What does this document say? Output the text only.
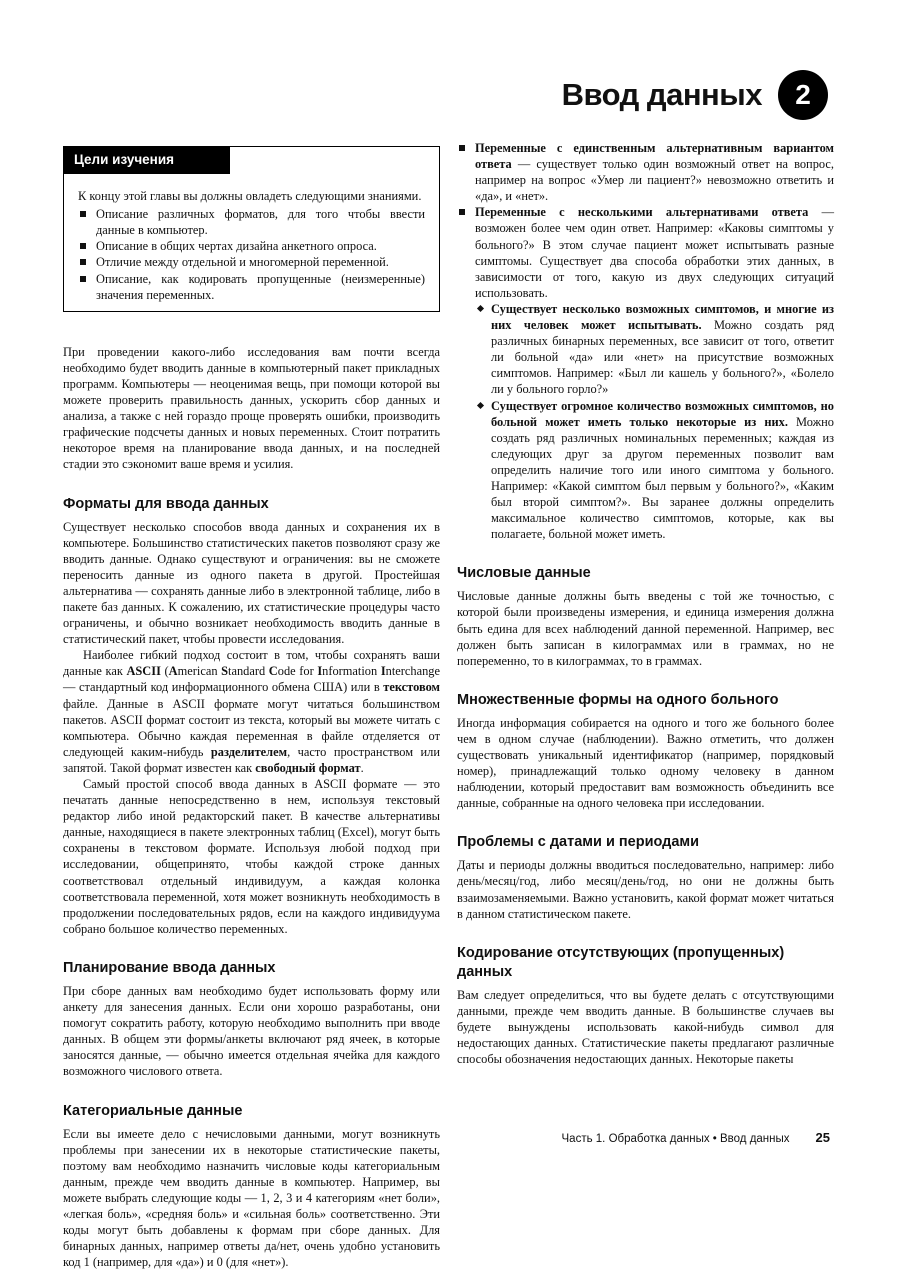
Ввод данных	2
Цели изучения

К концу этой главы вы должны овладеть следующими знаниями.

Описание различных форматов, для того чтобы ввести данные в компьютер.
Описание в общих чертах дизайна анкетного опроса.
Отличие между отдельной и многомерной переменной.
Описание, как кодировать пропущенные (неизмеренные) значения переменных.

При проведении какого-либо исследования вам почти всегда необходимо будет вводить данные в компьютерный пакет прикладных программ. Компьютеры — неоценимая вещь, при помощи которой вы можете проверить правильность данных, ускорить сбор данных и анализа, а также с ней гораздо проще проверять ошибки, производить графические подсчеты данных и новых переменных. Стоит потратить некоторое время на планирование ввода данных, и на последней стадии это сэкономит ваше время и усилия.

Форматы для ввода данных

Существует несколько способов ввода данных и сохранения их в компьютере. Большинство статистических пакетов позволяют сразу же вводить данные. Однако существуют и ограничения: вы не сможете переносить данные из одного пакета в другой. Простейшая альтернатива — сохранять данные либо в электронной таблице, либо в пакете баз данных. К сожалению, их статистические процедуры часто ограничены, и обычно возникает необходимость вводить данные в статистический пакет, чтобы провести исследования.

Наиболее гибкий подход состоит в том, чтобы сохранять ваши данные как ASCII (American Standard Code for Information Interchange — стандартный код информационного обмена США) или в текстовом файле. Данные в ASCII формате могут читаться большинством пакетов. ASCII формат состоит из текста, который вы можете читать с компьютера. Обычно каждая переменная в файле отделяется от следующей каким-нибудь разделителем, часто пространством или запятой. Такой формат известен как свободный формат.

Самый простой способ ввода данных в ASCII формате — это печатать данные непосредственно в нем, используя текстовый редактор либо иной редакторский пакет. В качестве альтернативы данные, находящиеся в пакете электронных таблиц (Excel), могут быть сохранены в текстовом формате. Используя любой подход при исследовании, общепринято, чтобы каждой строке данных соответствовал отдельный индивидуум, а каждая колонка соответствовала переменной, хотя может возникнуть необходимость в продолжении последовательных рядов, если на каждого индивидуума собрано большое количество переменных.

Планирование ввода данных

При сборе данных вам необходимо будет использовать форму или анкету для занесения данных. Если они хорошо разработаны, они помогут сократить работу, которую необходимо выполнить при вводе данных. В общем эти формы/анкеты включают ряд ячеек, в которые заносятся данные, — обычно имеется отдельная ячейка для каждого возможного числового ответа.

Категориальные данные

Если вы имеете дело с нечисловыми данными, могут возникнуть проблемы при занесении их в некоторые статистические пакеты, поэтому вам необходимо назначить числовые коды категориальным данным, прежде чем вводить данные в компьютер. Например, вы можете выбрать следующие коды — 1, 2, 3 и 4 категориям «нет боли», «легкая боль», «средняя боль» и «сильная боль» соответственно. Эти коды могут быть добавлены к формам при сборе данных. Для бинарных данных, например ответы да/нет, очень удобно установить код 1 (например, для «да») и 0 (для «нет»).

Переменные с единственным альтернативным вариантом ответа — существует только один возможный ответ на вопрос, например на вопрос «Умер ли пациент?» невозможно ответить и «да», и «нет».
Переменные с несколькими альтернативами ответа — возможен более чем один ответ. Например: «Каковы симптомы у больного?» В этом случае пациент может испытывать разные симптомы. Существует два способа обработки этих данных, в зависимости от того, какую из двух следующих ситуаций использовать.
Существует несколько возможных симптомов, и многие из них человек может испытывать. Можно создать ряд различных бинарных переменных, все зависит от того, ответит ли больной «да» или «нет» на присутствие возможных симптомов. Например: «Был ли кашель у больного?», «Болело ли у больного горло?»
Существует огромное количество возможных симптомов, но больной может иметь только некоторые из них. Можно создать ряд различных номинальных переменных; каждая из следующих друг за другом переменных позволит вам определить наличие того или иного симптома у больного. Например: «Какой симптом был первым у больного?», «Каким был второй симптом?». Вы заранее должны определить максимальное количество симптомов, которые, как вы полагаете, больной может иметь.
Числовые данные

Числовые данные должны быть введены с той же точностью, с которой были произведены измерения, и единица измерения должна быть едина для всех наблюдений данной переменной. Например, вес должен быть записан в килограммах или в граммах, но не попеременно, то в килограммах, то в граммах.

Множественные формы на одного больного

Иногда информация собирается на одного и того же больного более чем в одном случае (наблюдении). Важно отметить, что должен существовать уникальный идентификатор (например, порядковый номер), принадлежащий только одному человеку в данном наблюдении, который предоставит вам возможность объединить все данные, собранные на одного человека при исследовании.

Проблемы с датами и периодами

Даты и периоды должны вводиться последовательно, например: либо день/месяц/год, либо месяц/день/год, но они не должны быть взаимозаменяемыми. Важно установить, какой формат может читаться в данном статистическом пакете.

Кодирование отсутствующих (пропущенных) данных

Вам следует определиться, что вы будете делать с отсутствующими данными, прежде чем вводить данные. В большинстве случаев вы будете вынуждены использовать какой-нибудь символ для недостающих данных. Статистические пакеты предлагают различные способы обозначения недостающих данных. Некоторые пакеты

Часть 1. Обработка данных • Ввод данных 25
